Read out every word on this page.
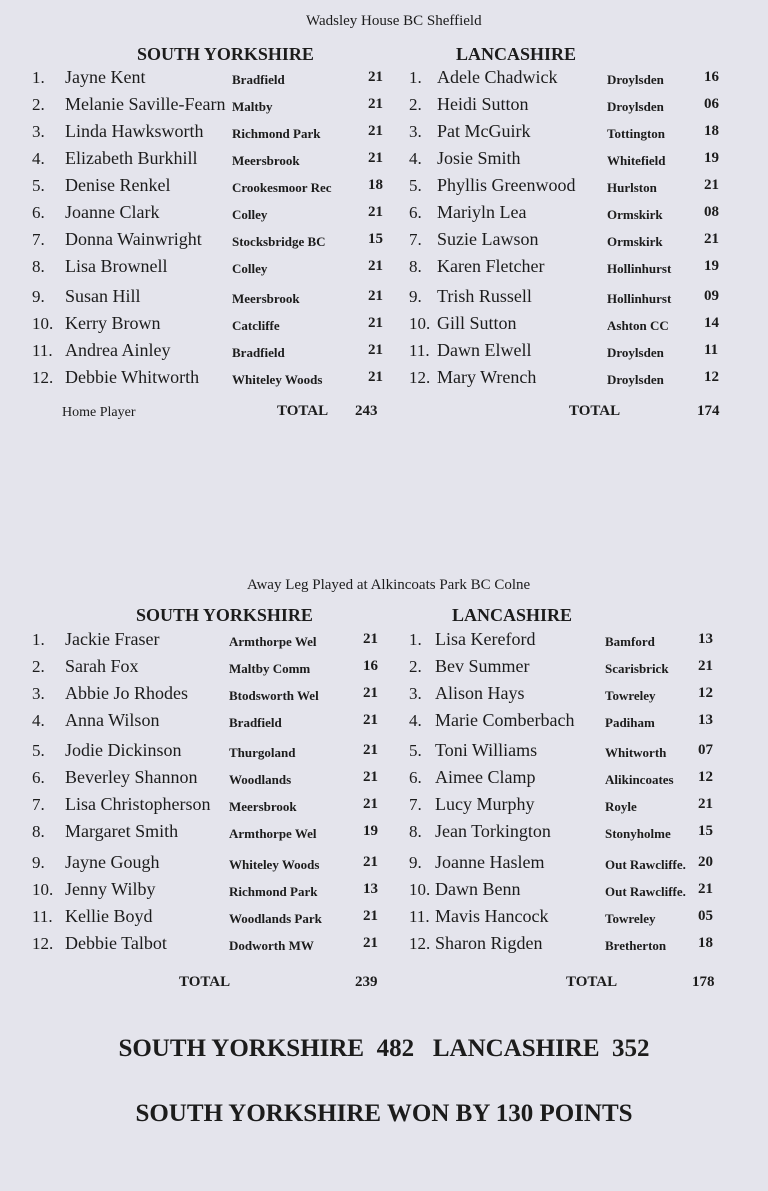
Wadsley House BC Sheffield
SOUTH YORKSHIRE	LANCASHIRE
1. Jayne Kent	Bradfield	21
2. Melanie Saville-Fearn Maltby	21
3. Linda Hawksworth Richmond Park	21
4. Elizabeth Burkhill	Meersbrook	21
5. Denise Renkel	Crookesmoor Rec 18
6. Joanne Clark	Colley	21
7. Donna Wainwright Stocksbridge BC	15
8. Lisa Brownell	Colley	21
9. Susan Hill	Meersbrook	21
10. Kerry Brown	Catcliffe	21
11. Andrea Ainley	Bradfield	21
12. Debbie Whitworth	Whiteley Woods	21
1. Adele Chadwick	Droylsden	16
2. Heidi Sutton	Droylsden	06
3. Pat McGuirk	Tottington	18
4. Josie Smith	Whitefield	19
5. Phyllis Greenwood Hurlston	21
6. Mariyln Lea	Ormskirk	08
7. Suzie Lawson	Ormskirk	21
8. Karen Fletcher	Hollinhurst 19
9. Trish Russell	Hollinhurst 09
10. Gill Sutton	Ashton CC 14
11. Dawn Elwell	Droylsden	11
12. Mary Wrench	Droylsden	12
Home Player	TOTAL 243	TOTAL	174
Away Leg Played at Alkincoats Park BC Colne
SOUTH YORKSHIRE	LANCASHIRE
1. Jackie Fraser	Armthorpe Wel	21
2. Sarah Fox	Maltby Comm	16
3. Abbie Jo Rhodes	Btodsworth Wel	21
4. Anna Wilson	Bradfield	21
5. Jodie Dickinson	Thurgoland	21
6. Beverley Shannon Woodlands	21
7. Lisa Christopherson Meersbrook	21
8. Margaret Smith	Armthorpe Wel	19
9. Jayne Gough	Whiteley Woods	21
10. Jenny Wilby	Richmond Park	13
11. Kellie Boyd	Woodlands Park	21
12. Debbie Talbot	Dodworth MW	21
1. Lisa Kereford	Bamford	13
2. Bev Summer	Scarisbrick 21
3. Alison Hays	Towreley	12
4. Marie Comberbach Padiham	13
5. Toni Williams	Whitworth 07
6. Aimee Clamp	Alikincoates 12
7. Lucy Murphy	Royle	21
8. Jean Torkington	Stonyholme 15
9. Joanne Haslem	Out Rawcliffe. 20
10. Dawn Benn	Out Rawcliffe. 21
11. Mavis Hancock	Towreley	05
12. Sharon Rigden	Bretherton 18
TOTAL	239	TOTAL	178
SOUTH YORKSHIRE  482   LANCASHIRE  352
SOUTH YORKSHIRE WON BY 130 POINTS
